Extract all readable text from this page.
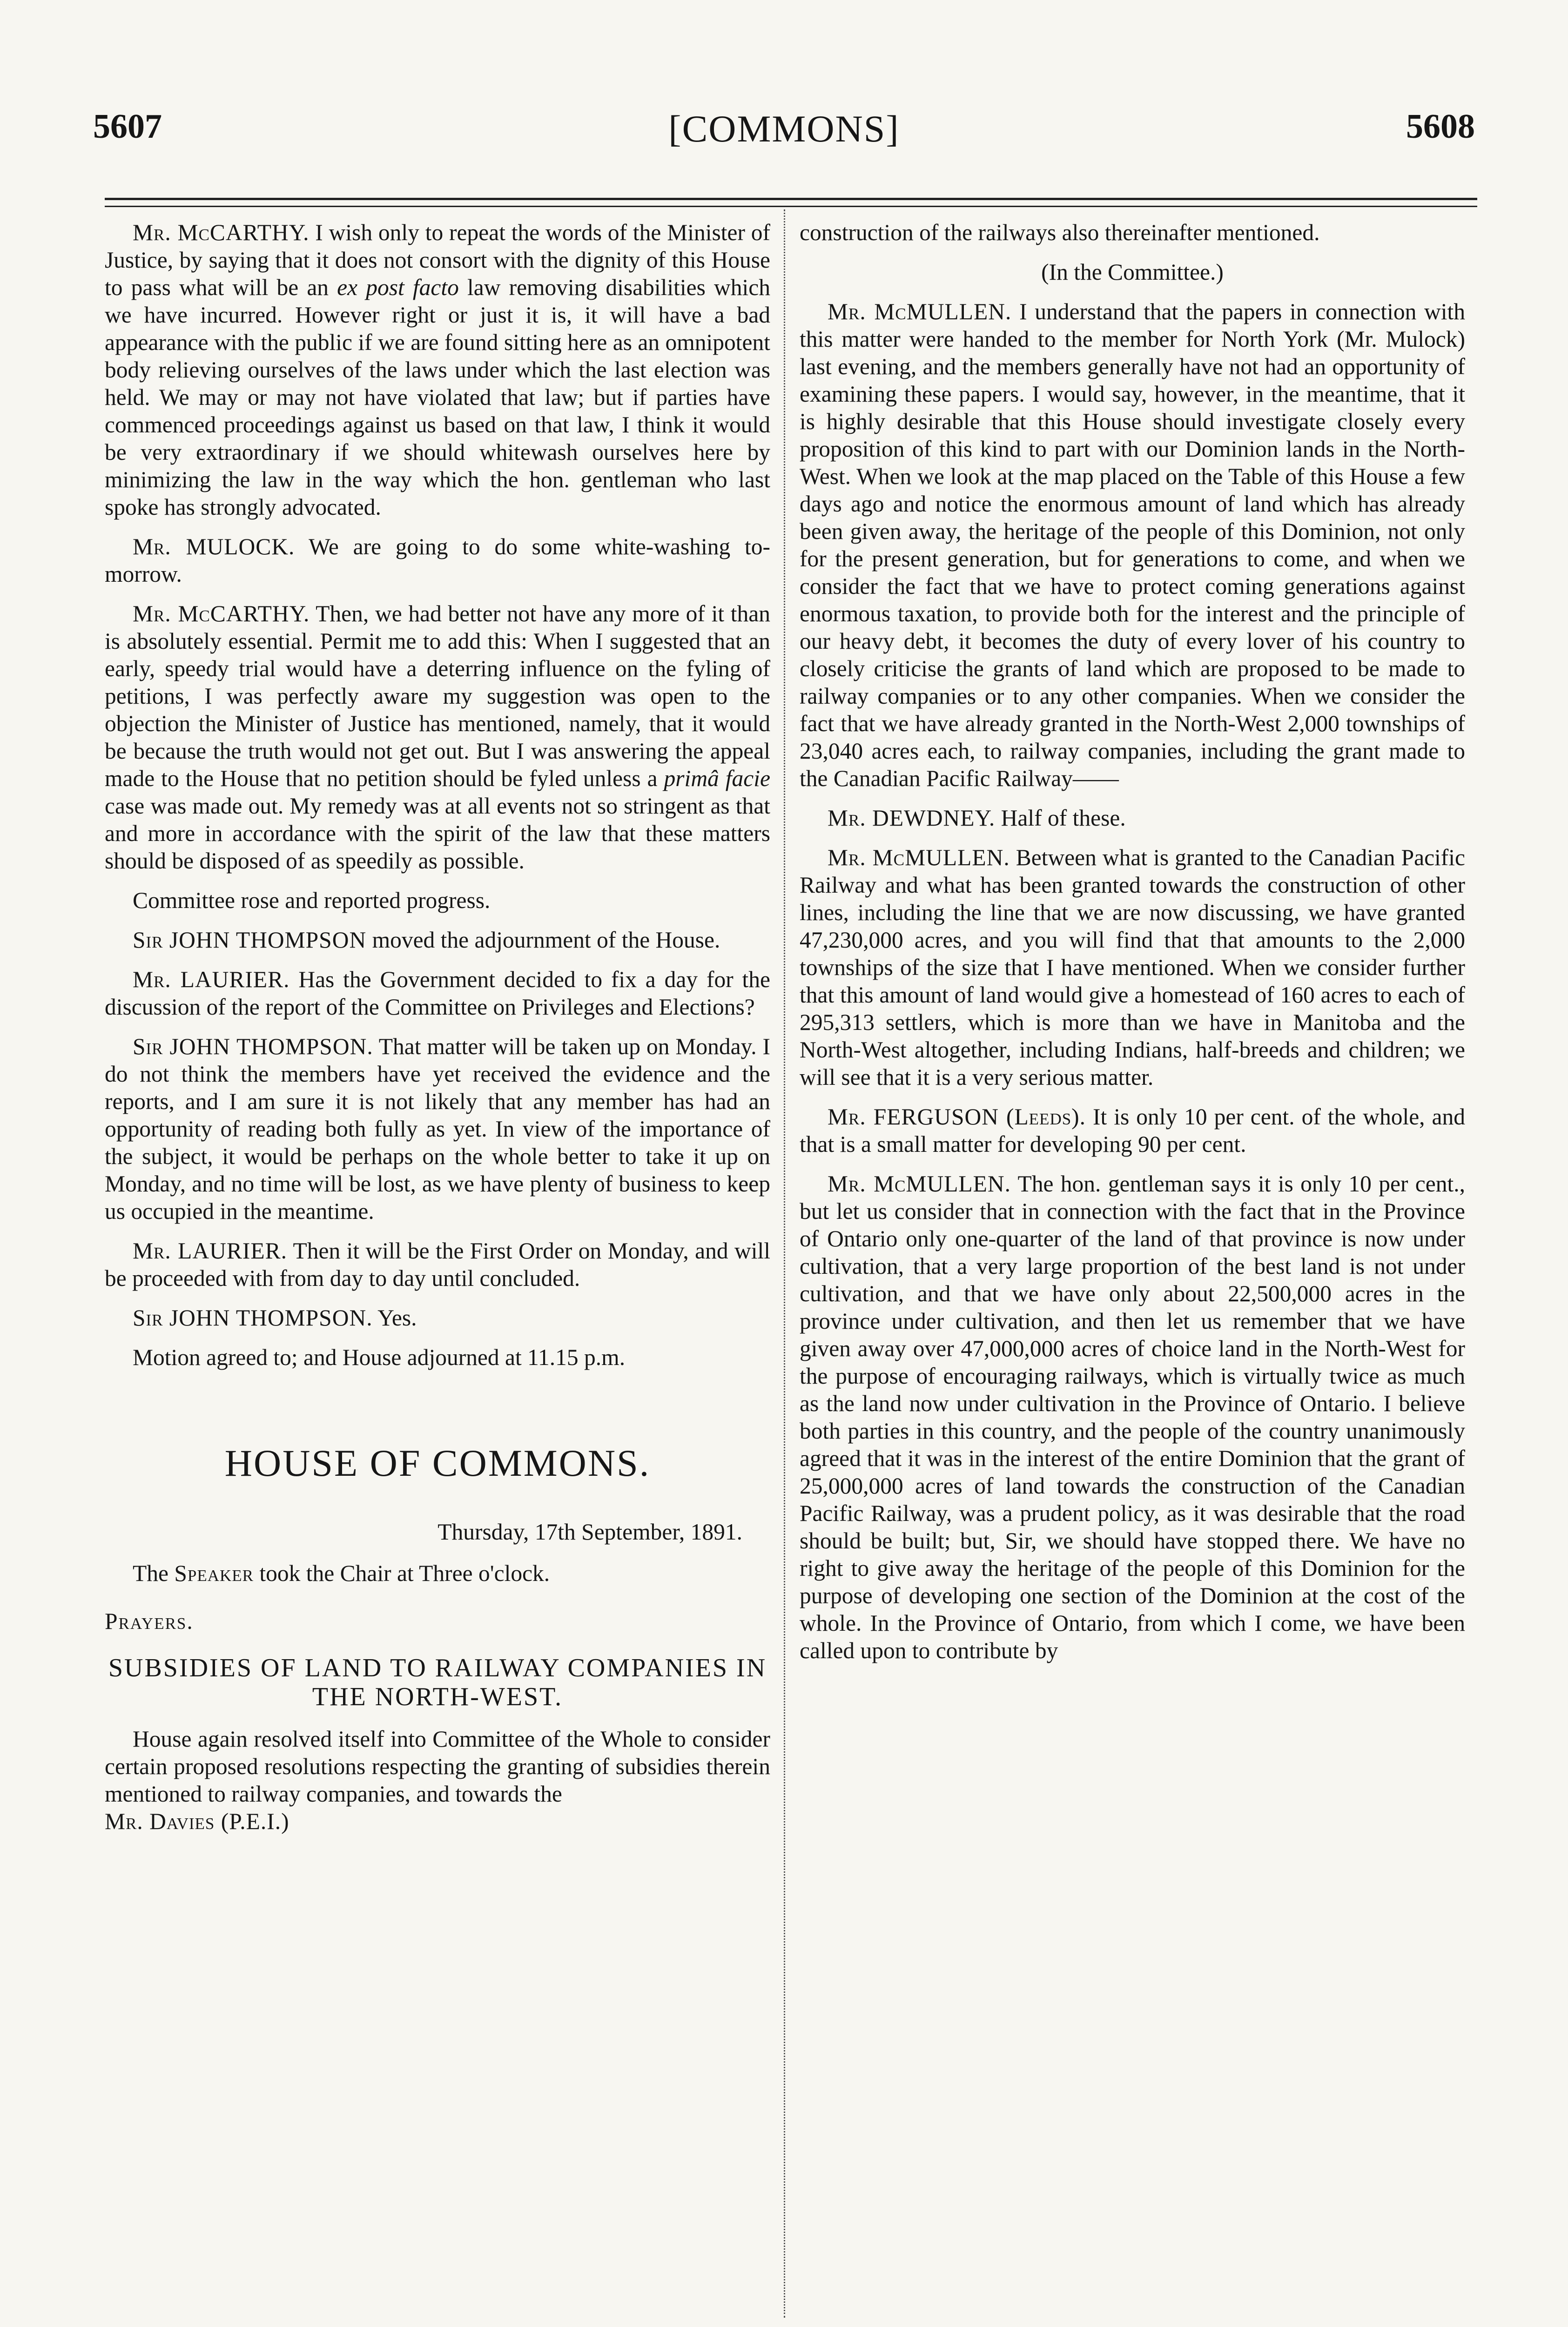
5607	[COMMONS]	5608

Mr. McCARTHY. I wish only to repeat the words of the Minister of Justice, by saying that it does not consort with the dignity of this House to pass what will be an ex post facto law removing disabilities which we have incurred. However right or just it is, it will have a bad appearance with the public if we are found sitting here as an omnipotent body relieving ourselves of the laws under which the last election was held. We may or may not have violated that law; but if parties have commenced proceedings against us based on that law, I think it would be very extraordinary if we should whitewash ourselves here by minimizing the law in the way which the hon. gentleman who last spoke has strongly advocated.

Mr. MULOCK. We are going to do some white-washing to-morrow.

Mr. McCARTHY. Then, we had better not have any more of it than is absolutely essential. Permit me to add this: When I suggested that an early, speedy trial would have a deterring influence on the fyling of petitions, I was perfectly aware my suggestion was open to the objection the Minister of Justice has mentioned, namely, that it would be because the truth would not get out. But I was answering the appeal made to the House that no petition should be fyled unless a primâ facie case was made out. My remedy was at all events not so stringent as that and more in accordance with the spirit of the law that these matters should be disposed of as speedily as possible.

Committee rose and reported progress.

Sir JOHN THOMPSON moved the adjournment of the House.

Mr. LAURIER. Has the Government decided to fix a day for the discussion of the report of the Committee on Privileges and Elections?

Sir JOHN THOMPSON. That matter will be taken up on Monday. I do not think the members have yet received the evidence and the reports, and I am sure it is not likely that any member has had an opportunity of reading both fully as yet. In view of the importance of the subject, it would be perhaps on the whole better to take it up on Monday, and no time will be lost, as we have plenty of business to keep us occupied in the meantime.

Mr. LAURIER. Then it will be the First Order on Monday, and will be proceeded with from day to day until concluded.

Sir JOHN THOMPSON. Yes.

Motion agreed to; and House adjourned at 11.15 p.m.

HOUSE OF COMMONS.

Thursday, 17th September, 1891.

The Speaker took the Chair at Three o'clock.

Prayers.

SUBSIDIES OF LAND TO RAILWAY COMPANIES IN THE NORTH-WEST.

House again resolved itself into Committee of the Whole to consider certain proposed resolutions respecting the granting of subsidies therein mentioned to railway companies, and towards the

Mr. Davies (P.E.I.)

construction of the railways also thereinafter mentioned.

(In the Committee.)

Mr. McMULLEN. I understand that the papers in connection with this matter were handed to the member for North York (Mr. Mulock) last evening, and the members generally have not had an opportunity of examining these papers. I would say, however, in the meantime, that it is highly desirable that this House should investigate closely every proposition of this kind to part with our Dominion lands in the North-West. When we look at the map placed on the Table of this House a few days ago and notice the enormous amount of land which has already been given away, the heritage of the people of this Dominion, not only for the present generation, but for generations to come, and when we consider the fact that we have to protect coming generations against enormous taxation, to provide both for the interest and the principle of our heavy debt, it becomes the duty of every lover of his country to closely criticise the grants of land which are proposed to be made to railway companies or to any other companies. When we consider the fact that we have already granted in the North-West 2,000 townships of 23,040 acres each, to railway companies, including the grant made to the Canadian Pacific Railway——

Mr. DEWDNEY. Half of these.

Mr. McMULLEN. Between what is granted to the Canadian Pacific Railway and what has been granted towards the construction of other lines, including the line that we are now discussing, we have granted 47,230,000 acres, and you will find that that amounts to the 2,000 townships of the size that I have mentioned. When we consider further that this amount of land would give a homestead of 160 acres to each of 295,313 settlers, which is more than we have in Manitoba and the North-West altogether, including Indians, half-breeds and children; we will see that it is a very serious matter.

Mr. FERGUSON (Leeds). It is only 10 per cent. of the whole, and that is a small matter for developing 90 per cent.

Mr. McMULLEN. The hon. gentleman says it is only 10 per cent., but let us consider that in connection with the fact that in the Province of Ontario only one-quarter of the land of that province is now under cultivation, that a very large proportion of the best land is not under cultivation, and that we have only about 22,500,000 acres in the province under cultivation, and then let us remember that we have given away over 47,000,000 acres of choice land in the North-West for the purpose of encouraging railways, which is virtually twice as much as the land now under cultivation in the Province of Ontario. I believe both parties in this country, and the people of the country unanimously agreed that it was in the interest of the entire Dominion that the grant of 25,000,000 acres of land towards the construction of the Canadian Pacific Railway, was a prudent policy, as it was desirable that the road should be built; but, Sir, we should have stopped there. We have no right to give away the heritage of the people of this Dominion for the purpose of developing one section of the Dominion at the cost of the whole. In the Province of Ontario, from which I come, we have been called upon to contribute by
